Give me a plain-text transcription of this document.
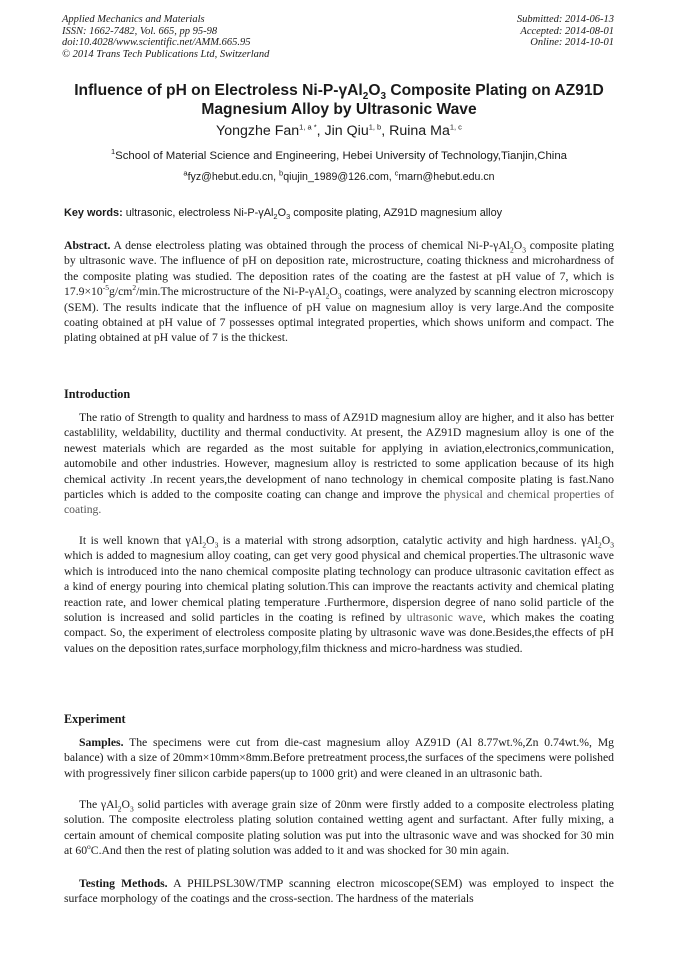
Applied Mechanics and Materials
ISSN: 1662-7482, Vol. 665, pp 95-98
doi:10.4028/www.scientific.net/AMM.665.95
© 2014 Trans Tech Publications Ltd, Switzerland
Submitted: 2014-06-13
Accepted: 2014-08-01
Online: 2014-10-01
Influence of pH on Electroless $Ni-P-\gamma Al_2O_3$ Composite Plating on AZ91D
Magnesium Alloy by Ultrasonic Wave
Yongzhe Fan$^{1, a *}$, Jin Qiu$^{1, b}$, Ruina Ma$^{1, c}$
$^1$School of Material Science and Engineering, Hebei University of Technology,Tianjin,China
$^a$fyz@hebut.edu.cn, $^b$qiujin_1989@126.com, $^c$marn@hebut.edu.cn
Key words: ultrasonic, electroless $Ni-P-\gamma Al_2O_3$ composite plating, AZ91D magnesium alloy

Abstract. A dense electroless plating was obtained through the process of chemical $Ni-P-\gamma Al_2O_3$ composite plating by ultrasonic wave. The influence of pH on deposition rate, microstructure, coating thickness and microhardness of the composite plating was studied. The deposition rates of the coating are the fastest at pH value of 7, which is $17.9\times 10^{-5}g/cm^2/\min.The$ microstructure of the $Ni-P-\gamma Al_2O_3$ coatings, were analyzed by scanning electron microscopy (SEM). The results indicate that the influence of pH value on magnesium alloy is very large.And the composite coating obtained at pH value of 7 possesses optimal integrated properties, which shows uniform and compact. The plating obtained at pH value of 7 is the thickest.

Introduction

The ratio of Strength to quality and hardness to mass of AZ91D magnesium alloy are higher, and it also has better castablility, weldability, ductility and thermal conductivity. At present, the AZ91D magnesium alloy is one of the newest materials which are regarded as the most suitable for applying in aviation,electronics,communication, automobile and other industries. However, magnesium alloy is restricted to some application because of its high chemical activity .In recent years,the development of nano technology in chemical composite plating is fast.Nano particles which is added to the composite coating can change and improve the physical and chemical properties of coating.

It is well known that $\gamma Al_2O_3$ is a material with strong adsorption, catalytic activity and high hardness. $\gamma Al_2O_3$ which is added to magnesium alloy coating, can get very good physical and chemical properties.The ultrasonic wave which is introduced into the nano chemical composite plating technology can produce ultrasonic cavitation effect as a kind of energy pouring into chemical plating solution.This can improve the reactants activity and chemical plating reaction rate, and lower chemical plating temperature .Furthermore, dispersion degree of nano solid particle of the solution is increased and solid particles in the coating is refined by ultrasonic wave, which makes the coating compact. So, the experiment of electroless composite plating by ultrasonic wave was done.Besides,the effects of pH values on the deposition rates,surface morphology,film thickness and micro-hardness was studied.

Experiment

Samples. The specimens were cut from die-cast magnesium alloy AZ91D (Al 8.77wt.%,Zn 0.74wt.%, Mg balance) with a size of 20mm×10mm×8mm.Before pretreatment process,the surfaces of the specimens were polished with progressively finer silicon carbide papers(up to 1000 grit) and were cleaned in an ultrasonic bath.

The $\gamma Al_2O_3$ solid particles with average grain size of 20nm were firstly added to a composite electroless plating solution. The composite electroless plating solution contained wetting agent and surfactant. After fully mixing, a certain amount of chemical composite plating solution was put into the ultrasonic wave and was shocked for 30 min at 60$^o$C.And then the rest of plating solution was added to it and was shocked for 30 min again.

Testing Methods. A PHILPSL30W/TMP scanning electron micoscope(SEM) was employed to inspect the surface morphology of the coatings and the cross-section. The hardness of the materials
